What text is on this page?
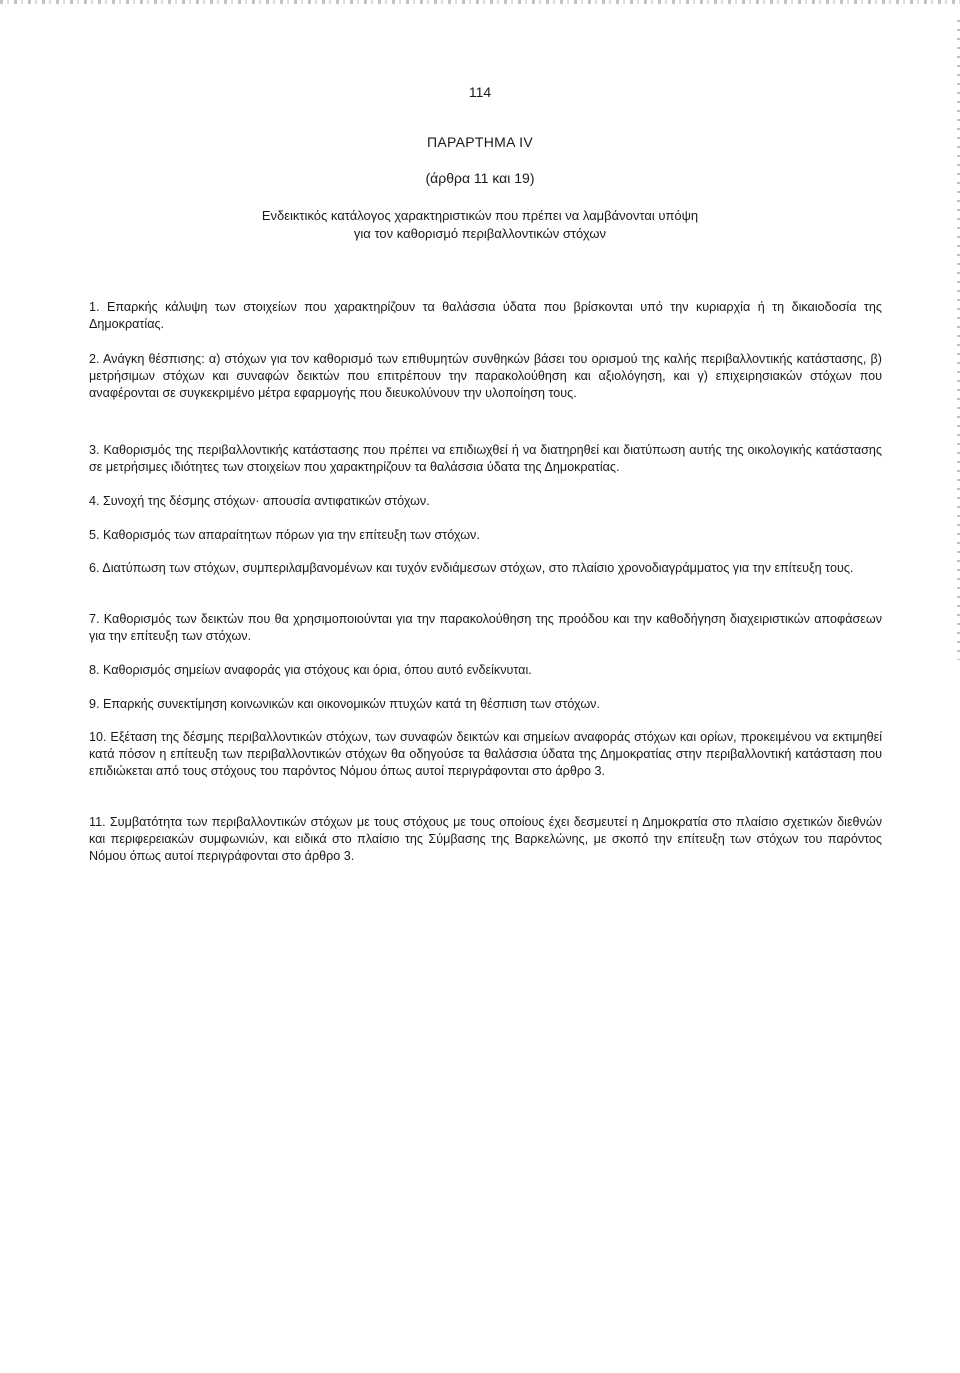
114
ΠΑΡΑΡΤΗΜΑ IV
(άρθρα 11 και 19)
Ενδεικτικός κατάλογος χαρακτηριστικών που πρέπει να λαμβάνονται υπόψη
για τον καθορισμό περιβαλλοντικών στόχων

1. Επαρκής κάλυψη των στοιχείων που χαρακτηρίζουν τα θαλάσσια ύδατα που βρίσκονται υπό την κυριαρχία ή τη δικαιοδοσία της Δημοκρατίας.

2. Ανάγκη θέσπισης: α) στόχων για τον καθορισμό των επιθυμητών συνθηκών βάσει του ορισμού της καλής περιβαλλοντικής κατάστασης, β) μετρήσιμων στόχων και συναφών δεικτών που επιτρέπουν την παρακολούθηση και αξιολόγηση, και γ) επιχειρησιακών στόχων που αναφέρονται σε συγκεκριμένο μέτρα εφαρμογής που διευκολύνουν την υλοποίηση τους.

3. Καθορισμός της περιβαλλοντικής κατάστασης που πρέπει να επιδιωχθεί ή να διατηρηθεί και διατύπωση αυτής της οικολογικής κατάστασης σε μετρήσιμες ιδιότητες των στοιχείων που χαρακτηρίζουν τα θαλάσσια ύδατα της Δημοκρατίας.

4. Συνοχή της δέσμης στόχων· απουσία αντιφατικών στόχων.

5. Καθορισμός των απαραίτητων πόρων για την επίτευξη των στόχων.

6. Διατύπωση των στόχων, συμπεριλαμβανομένων και τυχόν ενδιάμεσων στόχων, στο πλαίσιο χρονοδιαγράμματος για την επίτευξη τους.

7. Καθορισμός των δεικτών που θα χρησιμοποιούνται για την παρακολούθηση της προόδου και την καθοδήγηση διαχειριστικών αποφάσεων για την επίτευξη των στόχων.

8. Καθορισμός σημείων αναφοράς για στόχους και όρια, όπου αυτό ενδείκνυται.

9. Επαρκής συνεκτίμηση κοινωνικών και οικονομικών πτυχών κατά τη θέσπιση των στόχων.

10. Εξέταση της δέσμης περιβαλλοντικών στόχων, των συναφών δεικτών και σημείων αναφοράς στόχων και ορίων, προκειμένου να εκτιμηθεί κατά πόσον η επίτευξη των περιβαλλοντικών στόχων θα οδηγούσε τα θαλάσσια ύδατα της Δημοκρατίας στην περιβαλλοντική κατάσταση που επιδιώκεται από τους στόχους του παρόντος Νόμου όπως αυτοί περιγράφονται στο άρθρο 3.

11. Συμβατότητα των περιβαλλοντικών στόχων με τους στόχους με τους οποίους έχει δεσμευτεί η Δημοκρατία στο πλαίσιο σχετικών διεθνών και περιφερειακών συμφωνιών, και ειδικά στο πλαίσιο της Σύμβασης της Βαρκελώνης, με σκοπό την επίτευξη των στόχων του παρόντος Νόμου όπως αυτοί περιγράφονται στο άρθρο 3.
